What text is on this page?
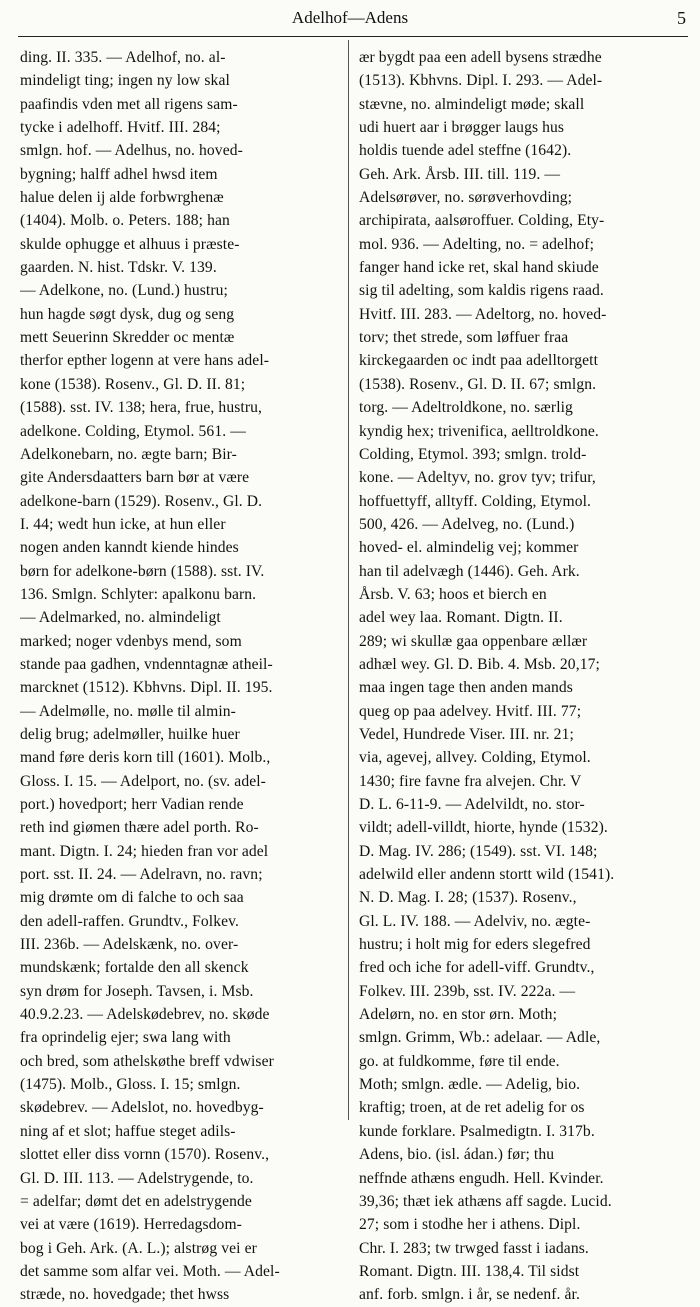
Adelhof—Adens	5
ding. II. 335. — Adelhof, no. al-
mindeligt ting; ingen ny low skal
paafindis vden met all rigens sam-
tycke i adelhoff. Hvitf. III. 284;
smlgn. hof. — Adelhus, no. hoved-
bygning; halff adhel hwsd item
halue delen ij alde forbwrghenæ
(1404). Molb. o. Peters. 188; han
skulde ophugge et alhuus i præste-
gaarden. N. hist. Tdskr. V. 139.
— Adelkone, no. (Lund.) hustru;
hun hagde søgt dysk, dug og seng
mett Seuerinn Skredder oc mentæ
therfor epther logenn at vere hans adel-
kone (1538). Rosenv., Gl. D. II. 81;
(1588). sst. IV. 138; hera, frue, hustru,
adelkone. Colding, Etymol. 561. —
Adelkonebarn, no. ægte barn; Bir-
gite Andersdaatters barn bør at være
adelkone-barn (1529). Rosenv., Gl. D.
I. 44; wedt hun icke, at hun eller
nogen anden kanndt kiende hindes
børn for adelkone-børn (1588). sst. IV.
136. Smlgn. Schlyter: apalkonu barn.
— Adelmarked, no. almindeligt
marked; noger vdenbys mend, som
stande paa gadhen, vndenntagnæ atheil-
marcknet (1512). Kbhvns. Dipl. II. 195.
— Adelmølle, no. mølle til almin-
delig brug; adelmøller, huilke huer
mand føre deris korn till (1601). Molb.,
Gloss. I. 15. — Adelport, no. (sv. adel-
port.) hovedport; herr Vadian rende
reth ind giømen thære adel porth. Ro-
mant. Digtn. I. 24; hieden fran vor adel
port. sst. II. 24. — Adelravn, no. ravn;
mig drømte om di falche to och saa
den adell-raffen. Grundtv., Folkev.
III. 236b. — Adelskænk, no. over-
mundskænk; fortalde den all skenck
syn drøm for Joseph. Tavsen, i. Msb.
40.9.2.23. — Adelskødebrev, no. skøde
fra oprindelig ejer; swa lang with
och bred, som athelskøthe breff vdwiser
(1475). Molb., Gloss. I. 15; smlgn.
skødebrev. — Adelslot, no. hovedbyg-
ning af et slot; haffue steget adils-
slottet eller diss vornn (1570). Rosenv.,
Gl. D. III. 113. — Adelstrygende, to.
= adelfar; dømt det en adelstrygende
vei at være (1619). Herredagsdom-
bog i Geh. Ark. (A. L.); alstrøg vei er
det samme som alfar vei. Moth. — Adel-
stræde, no. hovedgade; thet hwss
ær bygdt paa een adell bysens strædhe
(1513). Kbhvns. Dipl. I. 293. — Adel-
stævne, no. almindeligt møde; skall
udi huert aar i brøgger laugs hus
holdis tuende adel steffne (1642).
Geh. Ark. Årsb. III. till. 119. —
Adelsørøver, no. sørøverhovding;
archipirata, aalsøroffuer. Colding, Ety-
mol. 936. — Adelting, no. = adelhof;
fanger hand icke ret, skal hand skiude
sig til adelting, som kaldis rigens raad.
Hvitf. III. 283. — Adeltorg, no. hoved-
torv; thet strede, som løffuer fraa
kirckegaarden oc indt paa adelltorgett
(1538). Rosenv., Gl. D. II. 67; smlgn.
torg. — Adeltroldkone, no. særlig
kyndig hex; trivenifica, aelltroldkone.
Colding, Etymol. 393; smlgn. trold-
kone. — Adeltyv, no. grov tyv; trifur,
hoffuettyff, alltyff. Colding, Etymol.
500, 426. — Adelveg, no. (Lund.)
hoved- el. almindelig vej; kommer
han til adelvægh (1446). Geh. Ark.
Årsb. V. 63; hoos et bierch en
adel wey laa. Romant. Digtn. II.
289; wi skullæ gaa oppenbare ællær
adhæl wey. Gl. D. Bib. 4. Msb. 20,17;
maa ingen tage then anden mands
queg op paa adelvey. Hvitf. III. 77;
Vedel, Hundrede Viser. III. nr. 21;
via, agevej, allvey. Colding, Etymol.
1430; fire favne fra alvejen. Chr. V
D. L. 6-11-9. — Adelvildt, no. stor-
vildt; adell-villdt, hiorte, hynde (1532).
D. Mag. IV. 286; (1549). sst. VI. 148;
adelwild eller andenn stortt wild (1541).
N. D. Mag. I. 28; (1537). Rosenv.,
Gl. L. IV. 188. — Adelviv, no. ægte-
hustru; i holt mig for eders slegefred
fred och iche for adell-viff. Grundtv.,
Folkev. III. 239b, sst. IV. 222a. —
Adelørn, no. en stor ørn. Moth;
smlgn. Grimm, Wb.: adelaar. — Adle,
go. at fuldkomme, føre til ende.
Moth; smlgn. ædle. — Adelig, bio.
kraftig; troen, at de ret adelig for os
kunde forklare. Psalmedigtn. I. 317b.
Adens, bio. (isl. ádan.) før; thu
neffnde athæns engudh. Hell. Kvinder.
39,36; thæt iek athæns aff sagde. Lucid.
27; som i stodhe her i athens. Dipl.
Chr. I. 283; tw trwged fasst i iadans.
Romant. Digtn. III. 138,4. Til sidst
anf. forb. smlgn. i år, se nedenf. år.
